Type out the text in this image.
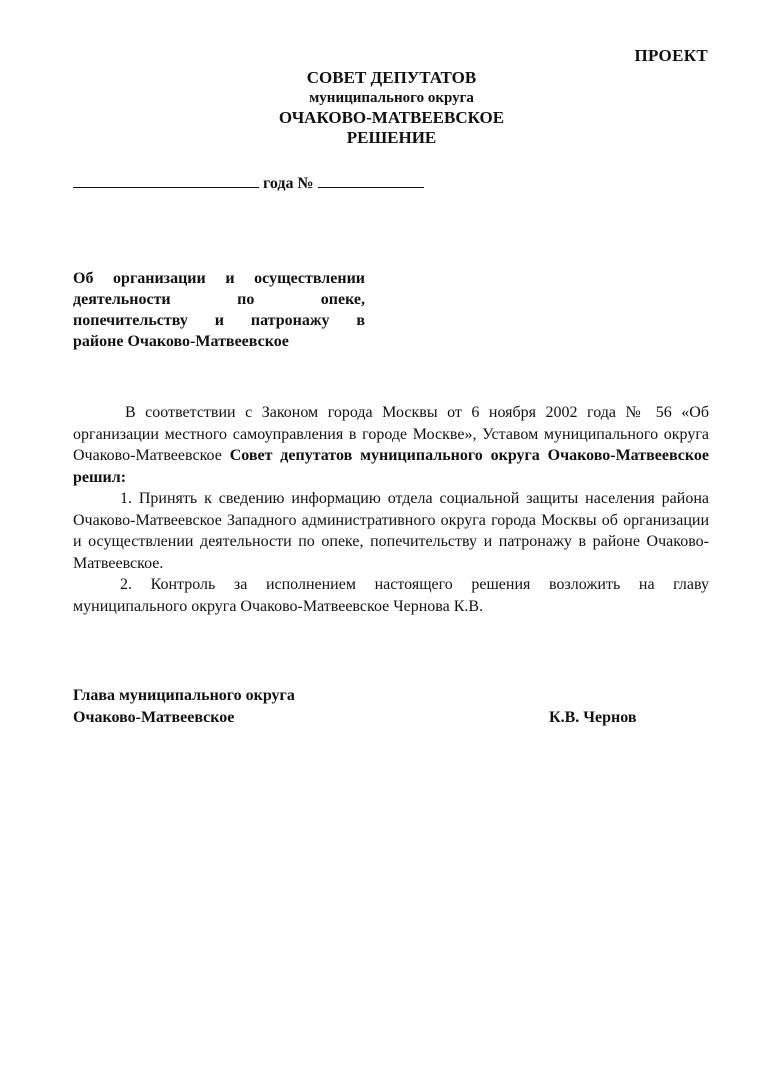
ПРОЕКТ
СОВЕТ ДЕПУТАТОВ
муниципального округа
ОЧАКОВО-МАТВЕЕВСКОЕ
РЕШЕНИЕ
года №
Об организации и осуществлении
деятельности по опеке,
попечительству и патронажу в
районе Очаково-Матвеевское

В соответствии с Законом города Москвы от 6 ноября 2002 года № 56 «Об организации местного самоуправления в городе Москве», Уставом муниципального округа Очаково-Матвеевское Совет депутатов муниципального округа Очаково-Матвеевское решил:

1. Принять к сведению информацию отдела социальной защиты населения района Очаково-Матвеевское Западного административного округа города Москвы об организации и осуществлении деятельности по опеке, попечительству и патронажу в районе Очаково-Матвеевское.

2. Контроль за исполнением настоящего решения возложить на главу муниципального округа Очаково-Матвеевское Чернова К.В.

Глава муниципального округа
Очаково-Матвеевское	К.В. Чернов
